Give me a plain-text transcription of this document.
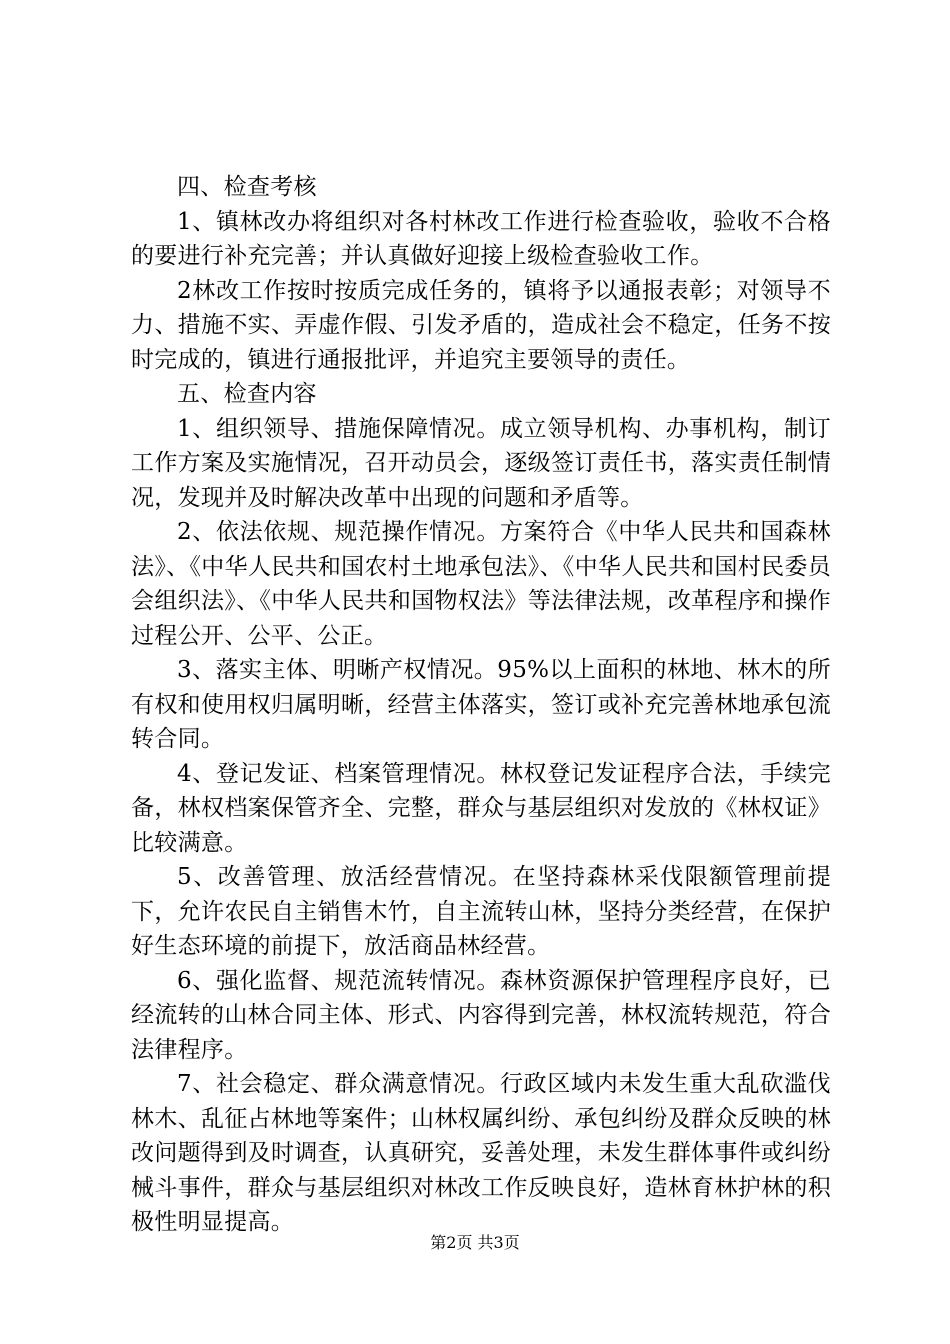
四、检查考核

1、镇林改办将组织对各村林改工作进行检查验收，验收不合格的要进行补充完善；并认真做好迎接上级检查验收工作。

2林改工作按时按质完成任务的，镇将予以通报表彰；对领导不力、措施不实、弄虚作假、引发矛盾的，造成社会不稳定，任务不按时完成的，镇进行通报批评，并追究主要领导的责任。

五、检查内容

1、组织领导、措施保障情况。成立领导机构、办事机构，制订工作方案及实施情况，召开动员会，逐级签订责任书，落实责任制情况，发现并及时解决改革中出现的问题和矛盾等。

2、依法依规、规范操作情况。方案符合《中华人民共和国森林法》、《中华人民共和国农村土地承包法》、《中华人民共和国村民委员会组织法》、《中华人民共和国物权法》等法律法规，改革程序和操作过程公开、公平、公正。

3、落实主体、明晰产权情况。95%以上面积的林地、林木的所有权和使用权归属明晰，经营主体落实，签订或补充完善林地承包流转合同。

4、登记发证、档案管理情况。林权登记发证程序合法，手续完备，林权档案保管齐全、完整，群众与基层组织对发放的《林权证》比较满意。

5、改善管理、放活经营情况。在坚持森林采伐限额管理前提下，允许农民自主销售木竹，自主流转山林，坚持分类经营，在保护好生态环境的前提下，放活商品林经营。

6、强化监督、规范流转情况。森林资源保护管理程序良好，已经流转的山林合同主体、形式、内容得到完善，林权流转规范，符合法律程序。

7、社会稳定、群众满意情况。行政区域内未发生重大乱砍滥伐林木、乱征占林地等案件；山林权属纠纷、承包纠纷及群众反映的林改问题得到及时调查，认真研究，妥善处理，未发生群体事件或纠纷械斗事件，群众与基层组织对林改工作反映良好，造林育林护林的积极性明显提高。

第2页 共3页
